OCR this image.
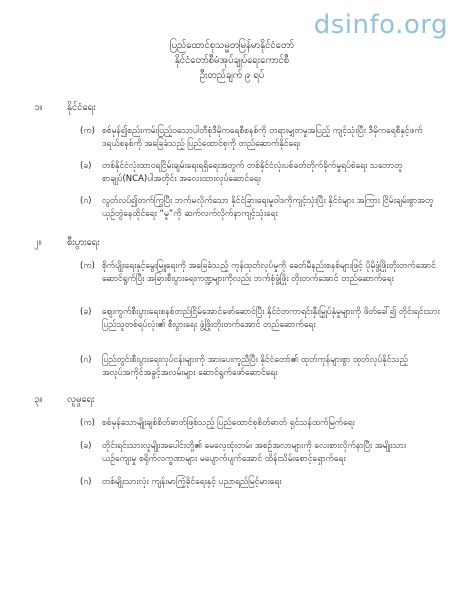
dsinfo.org
ပြည်ထောင်စုသမ္မတမြန်မာနိုင်ငံတော်
နိုင်ငံတော်စီမံအုပ်ချုပ်ရေးကောင်စီ
ဦးတည်ချက် ၉ ရပ်
၁။	နိုင်ငံရေး
(က) စစ်မှန်၍စည်းကမ်းပြည့်ဝသောပါတီစုံဒီမိုကရေစီစနစ်ကို တရားမျှတမှုအပြည့် ကျင့်သုံးပြီး ဒီမိုကရေစီနှင့်ဖက်ဒရယ်စနစ်ကို အခြေခံသည့် ပြည်ထောင်စုကို တည်ဆောက်နိုင်ရေး
(ခ) တစ်နိုင်ငံလုံးထာဝရငြိမ်းချမ်းရေးရရှိရေးအတွက် တစ်နိုင်ငံလုံးပစ်ခတ်တိုက်ခိုက်မှုရပ်စဲရေး သဘောတူစာချုပ်(NCA)ပါအတိုင်း အလေးထားလုပ်ဆောင်ရေး
(ဂ) လွတ်လပ်၍တက်ကြွပြီး ဘက်မလိုက်သော နိုင်ငံခြားရေးမူဝါဒကိုကျင့်သုံးပြီး နိုင်ငံများ အကြား ငြိမ်းချမ်းစွာအတူယှဉ်တွဲနေထိုင်ရေး “မူ”ကို ဆက်လက်လိုက်နာကျင့်သုံးရေး
၂။	စီးပွားရေး
(က) စိုက်ပျိုးရေးနှင့်မွေးမြူရေးကို အခြေခံသည့် ကုန်ထုတ်လုပ်မှုကို ခေတ်မီနည်းစနစ်များဖြင့် ပိုမိုဖွံ့ဖြိုးတိုးတက်အောင် ဆောင်ရွက်ပြီး အခြားစီးပွားရေးကဏ္ဍများကိုလည်း ဘက်စုံဖွံ့ဖြိုး တိုးတက်အောင် တည်ဆောက်ရေး
(ခ) ဈေးကွက်စီးပွားရေးစနစ်တည်ငြိမ်အောင်ဖော်ဆောင်ပြီး နိုင်ငံတကာရင်းနှီးမြှုပ်နှံမှုများကို ဖိတ်ခေါ်၍ တိုင်းရင်းသား ပြည်သူတစ်ရပ်လုံး၏ စီးပွားရေး ဖွံ့ဖြိုးတိုးတက်အောင် တည်ဆောက်ရေး
(ဂ) ပြည်တွင်းစီးပွားရေးလုပ်ငန်းများကို အားပေးကူညီပြီး နိုင်ငံတော်၏ ထုတ်ကုန်များစွာ ထုတ်လုပ်နိုင်သည့် အလုပ်အကိုင်အခွင့်အလမ်းများ ဆောင်ရွက်ဖော်ဆောင်ရေး
၃။	လူမှုရေး
(က) စစ်မှန်သောမျိုးချစ်စိတ်ဓာတ်ဖြစ်သည့် ပြည်ထောင်စုစိတ်ဓာတ် ရှင်သန်ထက်မြက်ရေး
(ခ) တိုင်းရင်းသားလူမျိုးအပေါင်းတို့၏ မေလေ့ထုံးတမ်း အစဉ်အလာများကို လေးစားလိုက်နာပြီး အမျိုးသားယဉ်ကျေးမှု စရိုက်လက္ခဏာများ မပျောက်ပျက်အောင် ထိန်းသိမ်းစောင့်ရှောက်ရေး
(ဂ) တစ်မျိုးသားလုံး ကျန်းမာကြံ့ခိုင်ရေးနှင့် ပညာရည်မြင့်မားရေး
